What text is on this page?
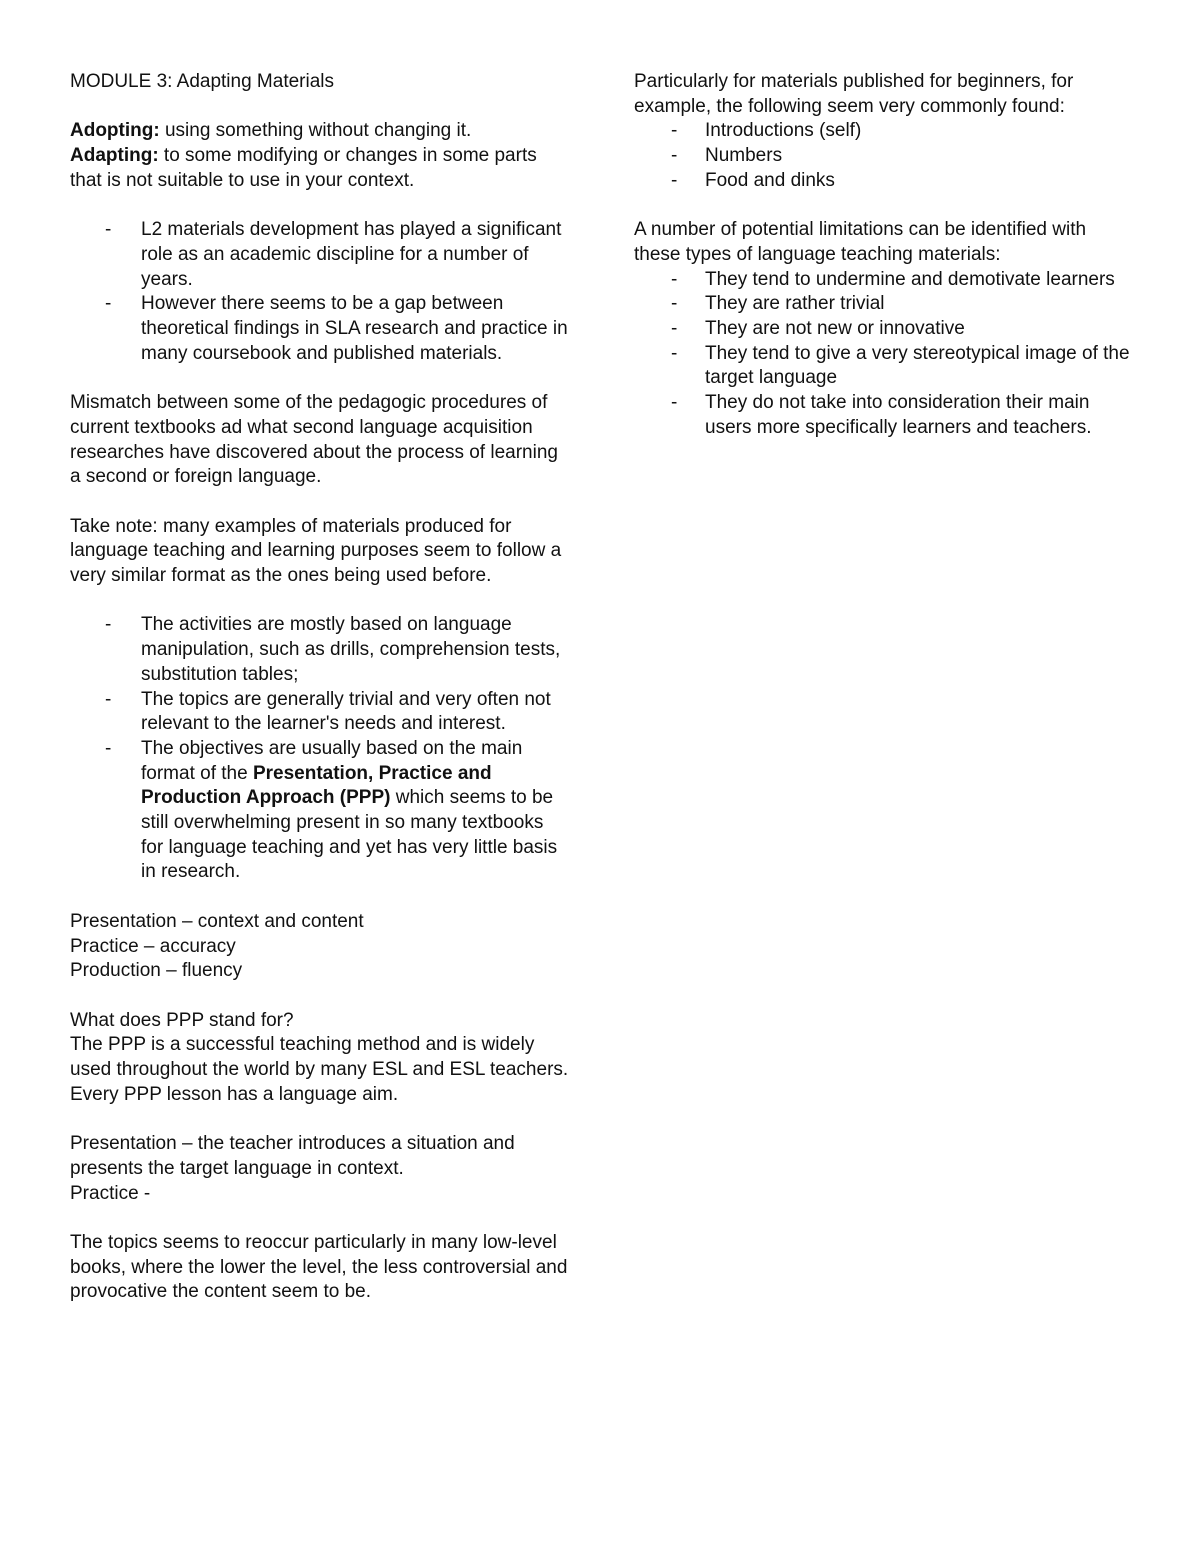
MODULE 3: Adapting Materials

Adopting: using something without changing it.

Adapting: to some modifying or changes in some parts that is not suitable to use in your context.

- L2 materials development has played a significant role as an academic discipline for a number of years.
- However there seems to be a gap between theoretical findings in SLA research and practice in many coursebook and published materials.

Mismatch between some of the pedagogic procedures of current textbooks ad what second language acquisition researches have discovered about the process of learning a second or foreign language.

Take note: many examples of materials produced for language teaching and learning purposes seem to follow a very similar format as the ones being used before.

- The activities are mostly based on language manipulation, such as drills, comprehension tests, substitution tables;
- The topics are generally trivial and very often not relevant to the learner's needs and interest.
- The objectives are usually based on the main format of the Presentation, Practice and Production Approach (PPP) which seems to be still overwhelming present in so many textbooks for language teaching and yet has very little basis in research.

Presentation – context and content

Practice – accuracy

Production – fluency

What does PPP stand for?

The PPP is a successful teaching method and is widely used throughout the world by many ESL and ESL teachers. Every PPP lesson has a language aim.

Presentation – the teacher introduces a situation and presents the target language in context.

Practice -

The topics seems to reoccur particularly in many low-level books, where the lower the level, the less controversial and provocative the content seem to be.

Particularly for materials published for beginners, for example, the following seem very commonly found:

- Introductions (self)
- Numbers
- Food and dinks

A number of potential limitations can be identified with these types of language teaching materials:

- They tend to undermine and demotivate learners
- They are rather trivial
- They are not new or innovative
- They tend to give a very stereotypical image of the target language
- They do not take into consideration their main users more specifically learners and teachers.
